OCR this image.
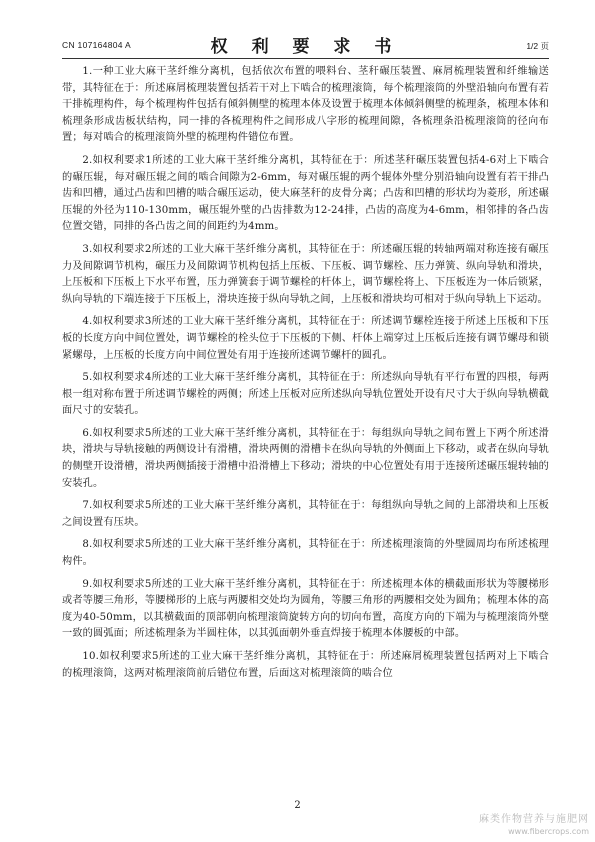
CN 107164804 A	权 利 要 求 书	1/2 页

1.一种工业大麻干茎纤维分离机，包括依次布置的喂料台、茎秆碾压装置、麻屑梳理装置和纤维输送带，其特征在于：所述麻屑梳理装置包括若干对上下啮合的梳理滚筒，每个梳理滚筒的外壁沿轴向布置有若干排梳理构件，每个梳理构件包括有倾斜侧壁的梳理本体及设置于梳理本体倾斜侧壁的梳理条，梳理本体和梳理条形成齿板状结构，同一排的各梳理构件之间形成八字形的梳理间隙，各梳理条沿梳理滚筒的径向布置；每对啮合的梳理滚筒外壁的梳理构件错位布置。

2.如权利要求1所述的工业大麻干茎纤维分离机，其特征在于：所述茎秆碾压装置包括4-6对上下啮合的碾压辊，每对碾压辊之间的啮合间隙为2-6mm，每对碾压辊的两个辊体外壁分别沿轴向设置有若干排凸齿和凹槽，通过凸齿和凹槽的啮合碾压运动，使大麻茎秆的皮骨分离；凸齿和凹槽的形状均为菱形，所述碾压辊的外径为110-130mm，碾压辊外壁的凸齿排数为12-24排，凸齿的高度为4-6mm，相邻排的各凸齿位置交错，同排的各凸齿之间的间距约为4mm。

3.如权利要求2所述的工业大麻干茎纤维分离机，其特征在于：所述碾压辊的转轴两端对称连接有碾压力及间隙调节机构，碾压力及间隙调节机构包括上压板、下压板、调节螺栓、压力弹簧、纵向导轨和滑块，上压板和下压板上下水平布置，压力弹簧套于调节螺栓的杆体上，调节螺栓将上、下压板连为一体后锁紧，纵向导轨的下端连接于下压板上，滑块连接于纵向导轨之间，上压板和滑块均可相对于纵向导轨上下运动。

4.如权利要求3所述的工业大麻干茎纤维分离机，其特征在于：所述调节螺栓连接于所述上压板和下压板的长度方向中间位置处，调节螺栓的栓头位于下压板的下侧、杆体上端穿过上压板后连接有调节螺母和锁紧螺母，上压板的长度方向中间位置处有用于连接所述调节螺杆的圆孔。

5.如权利要求4所述的工业大麻干茎纤维分离机，其特征在于：所述纵向导轨有平行布置的四根，每两根一组对称布置于所述调节螺栓的两侧；所述上压板对应所述纵向导轨位置处开设有尺寸大于纵向导轨横截面尺寸的安装孔。

6.如权利要求5所述的工业大麻干茎纤维分离机，其特征在于：每组纵向导轨之间布置上下两个所述滑块，滑块与导轨接触的两侧设计有滑槽，滑块两侧的滑槽卡在纵向导轨的外侧面上下移动，或者在纵向导轨的侧壁开设滑槽，滑块两侧插接于滑槽中沿滑槽上下移动；滑块的中心位置处有用于连接所述碾压辊转轴的安装孔。

7.如权利要求5所述的工业大麻干茎纤维分离机，其特征在于：每组纵向导轨之间的上部滑块和上压板之间设置有压块。

8.如权利要求5所述的工业大麻干茎纤维分离机，其特征在于：所述梳理滚筒的外壁圆周均布所述梳理构件。

9.如权利要求5所述的工业大麻干茎纤维分离机，其特征在于：所述梳理本体的横截面形状为等腰梯形或者等腰三角形，等腰梯形的上底与两腰相交处均为圆角，等腰三角形的两腰相交处为圆角；梳理本体的高度为40-50mm，以其横截面的顶部朝向梳理滚筒旋转方向的切向布置，高度方向的下端为与梳理滚筒外壁一致的圆弧面；所述梳理条为半圆柱体，以其弧面朝外垂直焊接于梳理本体腰板的中部。

10.如权利要求5所述的工业大麻干茎纤维分离机，其特征在于：所述麻屑梳理装置包括两对上下啮合的梳理滚筒，这两对梳理滚筒前后错位布置，后面这对梳理滚筒的啮合位

2
麻类作物营养与施肥网
www.fibercrops.com
